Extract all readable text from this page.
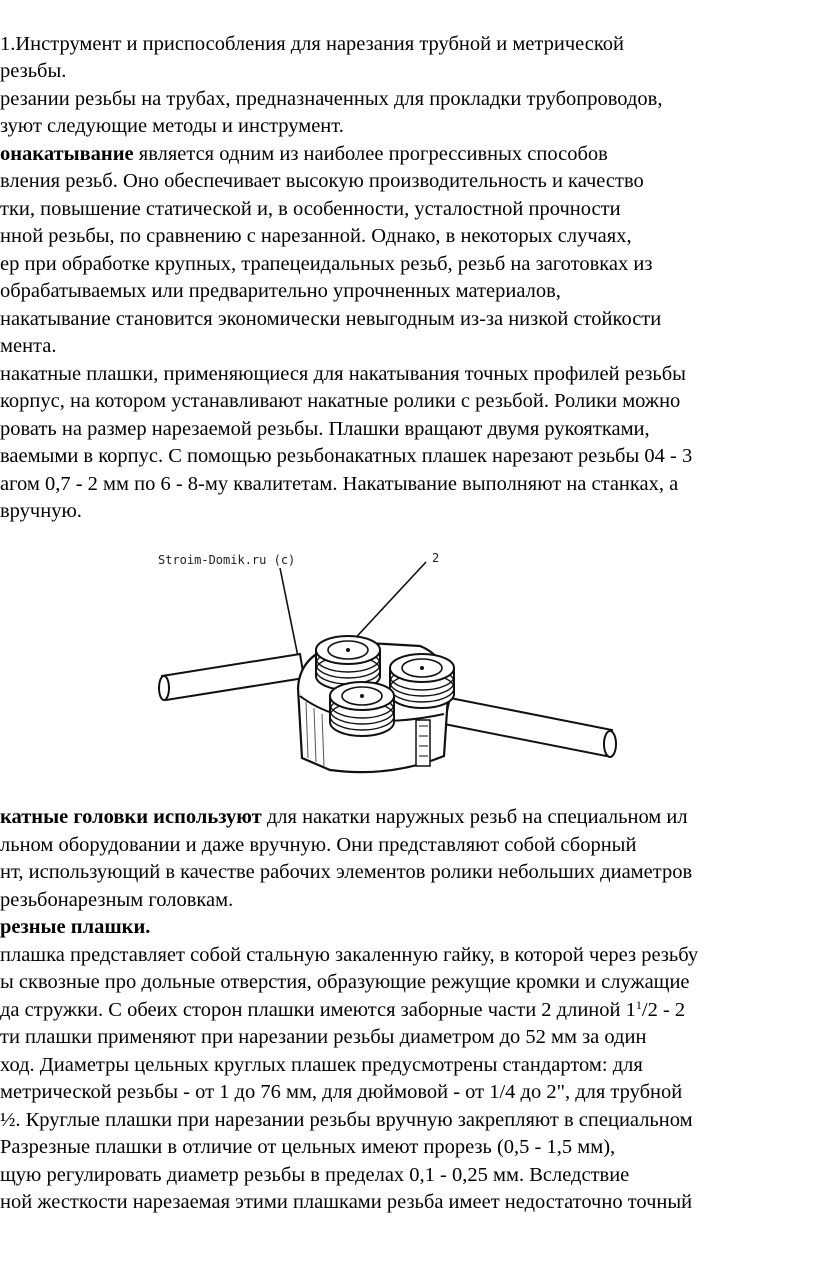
1.Инструмент и приспособления для нарезания трубной и метрической
резьбы.
резании резьбы на трубах, предназначенных для прокладки трубопроводов,
зуют следующие методы и инструмент.
онакатывание является одним из наиболее прогрессивных способов
вления резьб. Оно обеспечивает высокую производительность и качество
тки, повышение статической и, в особенности, усталостной прочности
нной резьбы, по сравнению с нарезанной. Однако, в некоторых случаях,
ер при обработке крупных, трапецеидальных резьб, резьб на заготовках из
обрабатываемых или предварительно упрочненных материалов,
накатывание становится экономически невыгодным из-за низкой стойкости
мента.
накатные плашки, применяющиеся для накатывания точных профилей резьбы
корпус, на котором устанавливают накатные ролики с резьбой. Ролики можно
ровать на размер нарезаемой резьбы. Плашки вращают двумя рукоятками,
ваемыми в корпус. С помощью резьбонакатных плашек нарезают резьбы 04 - 3
агом 0,7 - 2 мм по 6 - 8-му квалитетам. Накатывание выполняют на станках, а
вручную.
Stroim-Domik.ru (c)	2
катные головки используют для накатки наружных резьб на специальном ил
льном оборудовании и даже вручную. Они представляют собой сборный
нт, использующий в качестве рабочих элементов ролики небольших диаметров
резьбонарезным головкам.
резные плашки.
плашка представляет собой стальную закаленную гайку, в которой через резьбу
ы сквозные про дольные отверстия, образующие режущие кромки и служащие
да стружки. С обеих сторон плашки имеются заборные части 2 длиной $1^1/2 - 2$
ти плашки применяют при нарезании резьбы диаметром до 52 мм за один
ход. Диаметры цельных круглых плашек предусмотрены стандартом: для
метрической резьбы - от 1 до 76 мм, для дюймовой - от 1/4 до 2", для трубной
½. Круглые плашки при нарезании резьбы вручную закрепляют в специальном
Разрезные плашки в отличие от цельных имеют прорезь (0,5 - 1,5 мм),
щую регулировать диаметр резьбы в пределах 0,1 - 0,25 мм. Вследствие
ной жесткости нарезаемая этими плашками резьба имеет недостаточно точный
